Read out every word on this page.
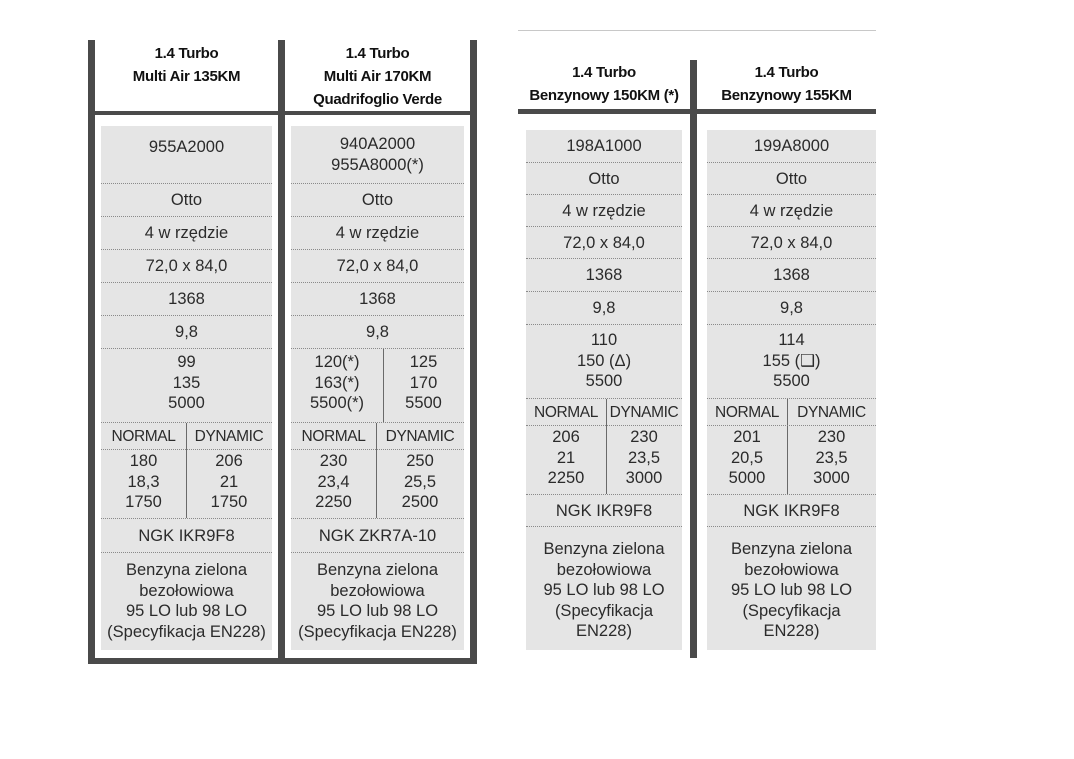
1.4 Turbo
Multi Air 135KM
955A2000
Otto
4 w rzędzie
72,0 x 84,0
1368
9,8
99
135
5000
NORMAL
180
18,3
1750
DYNAMIC
206
21
1750
NGK IKR9F8
Benzyna zielona
bezołowiowa
95 LO lub 98 LO
(Specyfikacja EN228)
1.4 Turbo
Multi Air 170KM
Quadrifoglio Verde
940A2000
955A8000(*)
Otto
4 w rzędzie
72,0 x 84,0
1368
9,8
120(*)
163(*)
5500(*)
125
170
5500
NORMAL
230
23,4
2250
DYNAMIC
250
25,5
2500
NGK ZKR7A-10
Benzyna zielona
bezołowiowa
95 LO lub 98 LO
(Specyfikacja EN228)
1.4 Turbo
Benzynowy 150KM (*)
198A1000
Otto
4 w rzędzie
72,0 x 84,0
1368
9,8
110
150 (Δ)
5500
NORMAL
206
21
2250
DYNAMIC
230
23,5
3000
NGK IKR9F8
Benzyna zielona
bezołowiowa
95 LO lub 98 LO
(Specyfikacja
EN228)
1.4 Turbo
Benzynowy 155KM
199A8000
Otto
4 w rzędzie
72,0 x 84,0
1368
9,8
114
155 (❑)
5500
NORMAL
201
20,5
5000
DYNAMIC
230
23,5
3000
NGK IKR9F8
Benzyna zielona
bezołowiowa
95 LO lub 98 LO
(Specyfikacja
EN228)
